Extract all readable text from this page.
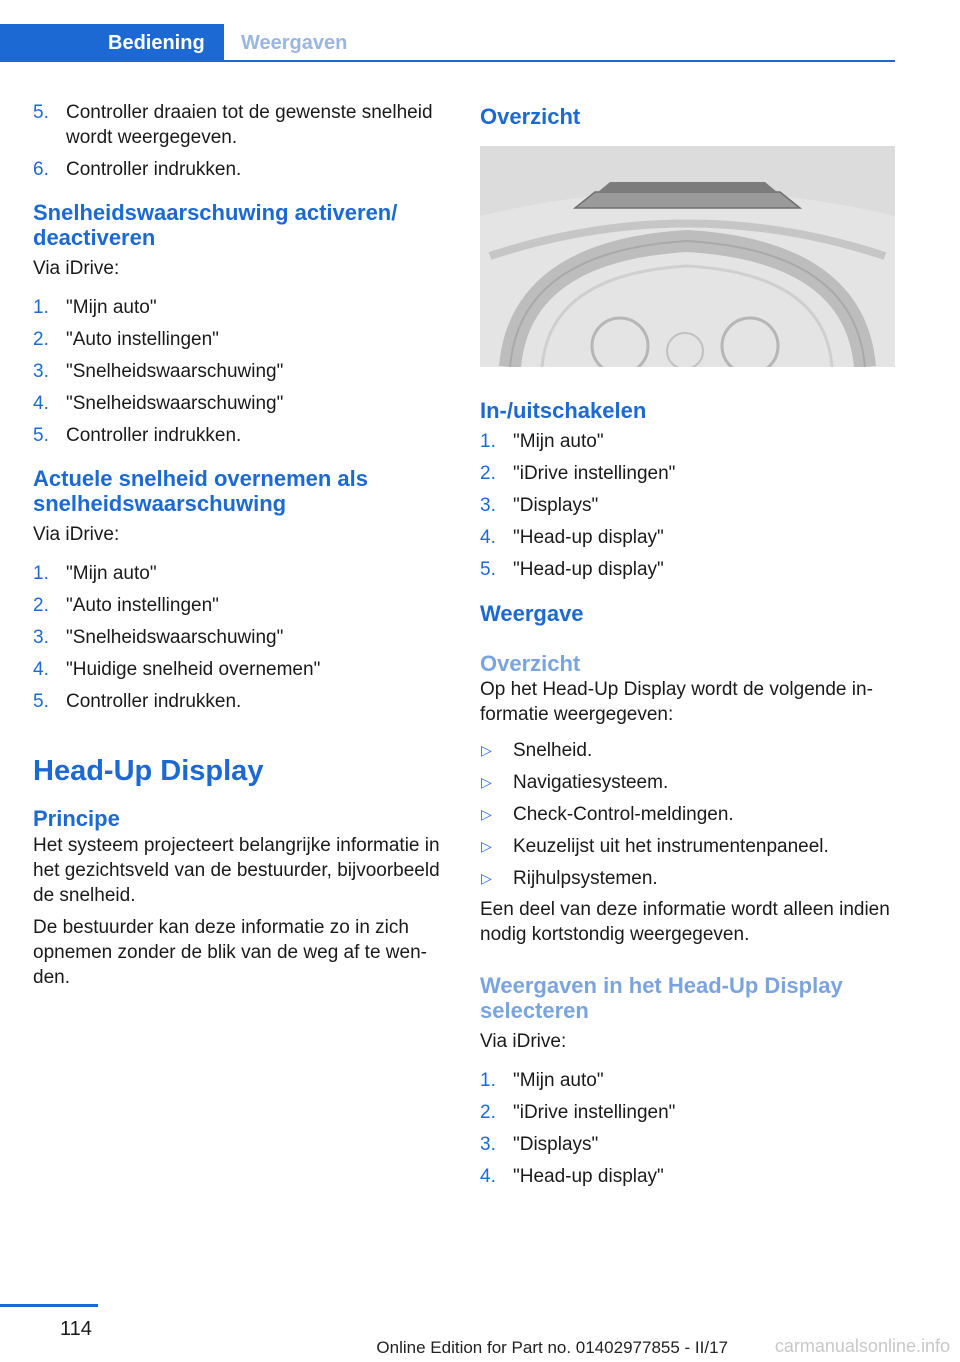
Bediening	Weergaven
5. Controller draaien tot de gewenste snelheid wordt weergegeven.
6. Controller indrukken.
Snelheidswaarschuwing activeren/​deactiveren
Via iDrive:
1. "Mijn auto"
2. "Auto instellingen"
3. "Snelheidswaarschuwing"
4. "Snelheidswaarschuwing"
5. Controller indrukken.
Actuele snelheid overnemen als snelheidswaarschuwing
Via iDrive:
1. "Mijn auto"
2. "Auto instellingen"
3. "Snelheidswaarschuwing"
4. "Huidige snelheid overnemen"
5. Controller indrukken.
Head-Up Display
Principe
Het systeem projecteert belangrijke informatie in het gezichtsveld van de bestuurder, bijvoorbeeld de snelheid.
De bestuurder kan deze informatie zo in zich opnemen zonder de blik van de weg af te wenden.
Overzicht
In-/uitschakelen
1. "Mijn auto"
2. "iDrive instellingen"
3. "Displays"
4. "Head-up display"
5. "Head-up display"
Weergave
Overzicht
Op het Head-Up Display wordt de volgende informatie weergegeven:
▷ Snelheid.
▷ Navigatiesysteem.
▷ Check-Control-meldingen.
▷ Keuzelijst uit het instrumentenpaneel.
▷ Rijhulpsystemen.
Een deel van deze informatie wordt alleen indien nodig kortstondig weergegeven.
Weergaven in het Head-Up Display selecteren
Via iDrive:
1. "Mijn auto"
2. "iDrive instellingen"
3. "Displays"
4. "Head-up display"
114
Online Edition for Part no. 01402977855 - II/17	carmanualsonline.info
